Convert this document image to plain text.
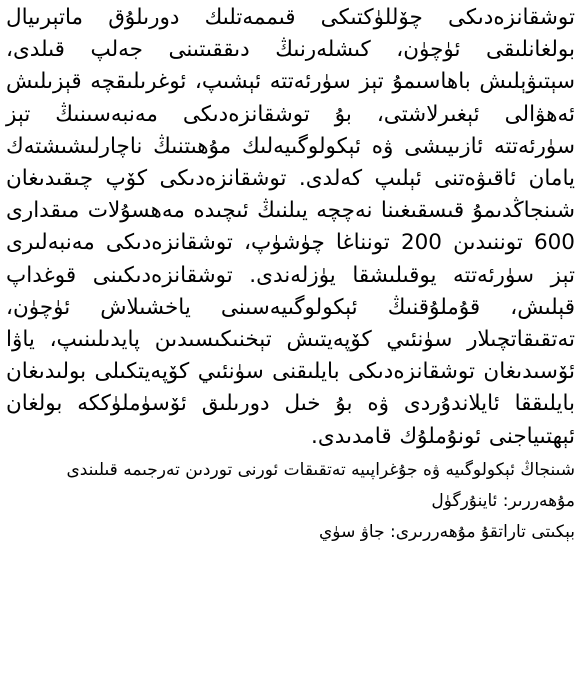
توشقانزەدىكى چۆللۈكتىكى قىممەتلىك دورىلۇق ماتېرىيال بولغانلىقى ئۈچۈن، كىشلەرنىڭ دىققىتىنى جەلپ قىلدى، سېتىۋېلىش باھاسىمۇ تېز سۈرئەتتە ئېشىپ، ئوغرىلىقچە قېزىلىش ئەھۋالى ئېغىرلاشتى، بۇ توشقانزەدىكى مەنبەسىنىڭ تېز سۈرئەتتە ئازىيىشى ۋە ئېكولوگىيەلىك مۇھىتنىڭ ناچارلىشىشتەك يامان ئاقىۋەتنى ئېلىپ كەلدى. توشقانزەدىكى كۆپ چىقىدىغان شىنجاڭدىمۇ قىسقىغىنا نەچچە يىلنىڭ ئىچىدە مەھسۇلات مىقدارى 600 توننىدىن 200 تونناغا چۈشۈپ، توشقانزەدىكى مەنبەلىرى تېز سۈرئەتتە يوقىلىشقا يۈزلەندى. توشقانزەدىكىنى قوغداپ قېلىش، قۇملۇقنىڭ ئېكولوگىيەسىنى ياخشىلاش ئۈچۈن، تەتقىقاتچىلار سۈنئىي كۆپەيتىش تېخنىكىسىدىن پايدىلىنىپ، ياۋا ئۆسىدىغان توشقانزەدىكى بايلىقنى سۈنئىي كۆپەيتكىلى بولىدىغان بايلىققا ئايلاندۇردى ۋە بۇ خىل دورىلىق ئۆسۈملۈككە بولغان ئېھتىياجنى ئونۇملۇك قامدىدى.

شىنجاڭ ئېكولوگىيە ۋە جۇغراپىيە تەتقىقات ئورنى توردىن تەرجىمە قىلىندى

مۇھەررىر: ئاينۇرگۈل

بېكىتى تاراتقۇ مۇھەررىرى: جاۋ سۈي
